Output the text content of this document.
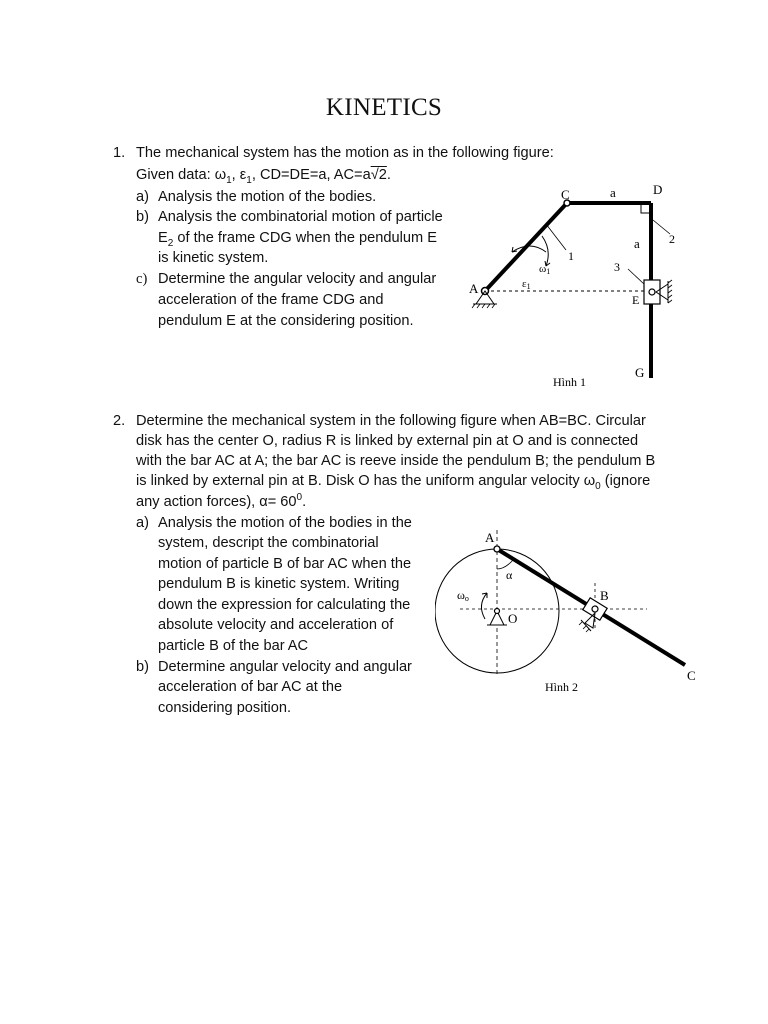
KINETICS
1. The mechanical system has the motion as in the following figure:
Given data: $\omega_1$, $\varepsilon_1$, CD=DE=a, AC=a√2.
a) Analysis the motion of the bodies.
b) Analysis the combinatorial motion of particle
$E_2$ of the frame CDG when the pendulum E
is kinetic system.
c) Determine the angular velocity and angular
acceleration of the frame CDG and
pendulum E at the considering position.
A
C	D
E
G
a
a
1
2
3
ω1
ε1
Hình 1
2. Determine the mechanical system in the following figure when AB=BC. Circular
disk has the center O, radius R is linked by external pin at O and is connected
with the bar AC at A; the bar AC is reeve inside the pendulum B; the pendulum B
is linked by external pin at B. Disk O has the uniform angular velocity $\omega_0$ (ignore
any action forces), $\alpha= 60^0$.
a) Analysis the motion of the bodies in the
system, descript the combinatorial
motion of particle B of bar AC when the
pendulum B is kinetic system. Writing
down the expression for calculating the
absolute velocity and acceleration of
particle B of the bar AC
b) Determine angular velocity and angular
acceleration of bar AC at the
considering position.
A
B
C
O
α
ωo
Hình 2
